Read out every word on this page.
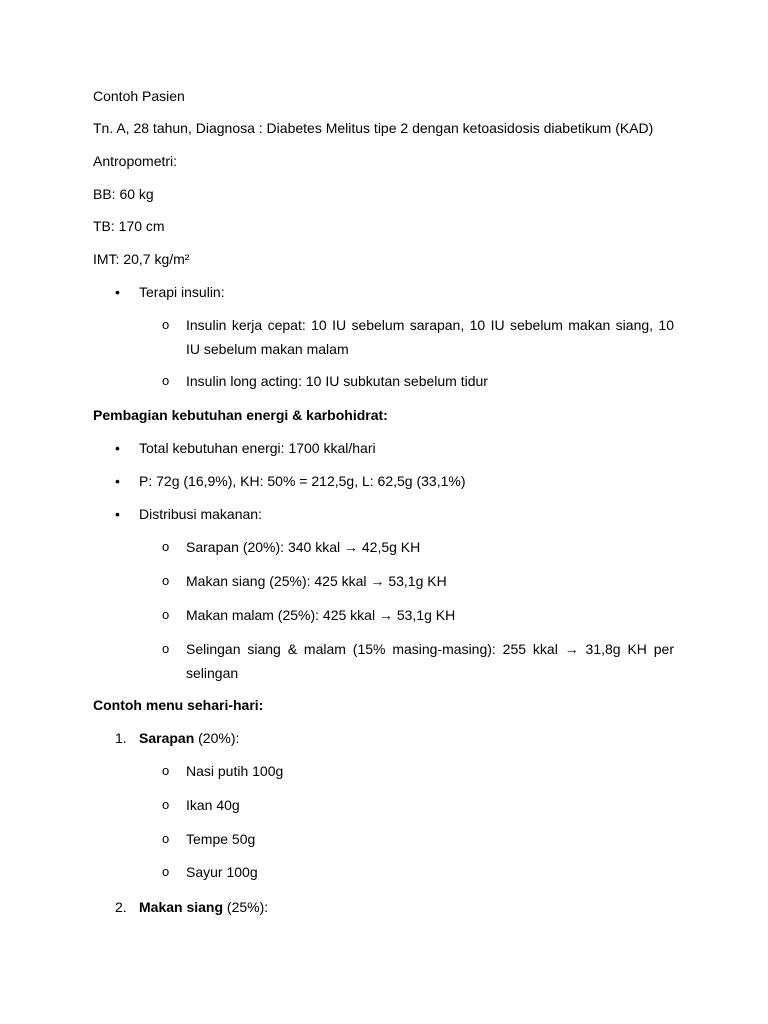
Contoh Pasien
Tn. A, 28 tahun, Diagnosa : Diabetes Melitus tipe 2 dengan ketoasidosis diabetikum (KAD)
Antropometri:
BB: 60 kg
TB: 170 cm
IMT: 20,7 kg/m²
•	Terapi insulin:
o Insulin kerja cepat: 10 IU sebelum sarapan, 10 IU sebelum makan siang, 10
IU sebelum makan malam
o Insulin long acting: 10 IU subkutan sebelum tidur
Pembagian kebutuhan energi & karbohidrat:
•	Total kebutuhan energi: 1700 kkal/hari
•	P: 72g (16,9%), KH: 50% = 212,5g, L: 62,5g (33,1%)
•	Distribusi makanan:
o Sarapan (20%): 340 kkal → 42,5g KH
o Makan siang (25%): 425 kkal → 53,1g KH
o Makan malam (25%): 425 kkal → 53,1g KH
o Selingan siang & malam (15% masing-masing): 255 kkal → 31,8g KH per
selingan
Contoh menu sehari-hari:
1. Sarapan (20%):
o Nasi putih 100g
o Ikan 40g
o Tempe 50g
o Sayur 100g
2. Makan siang (25%):
